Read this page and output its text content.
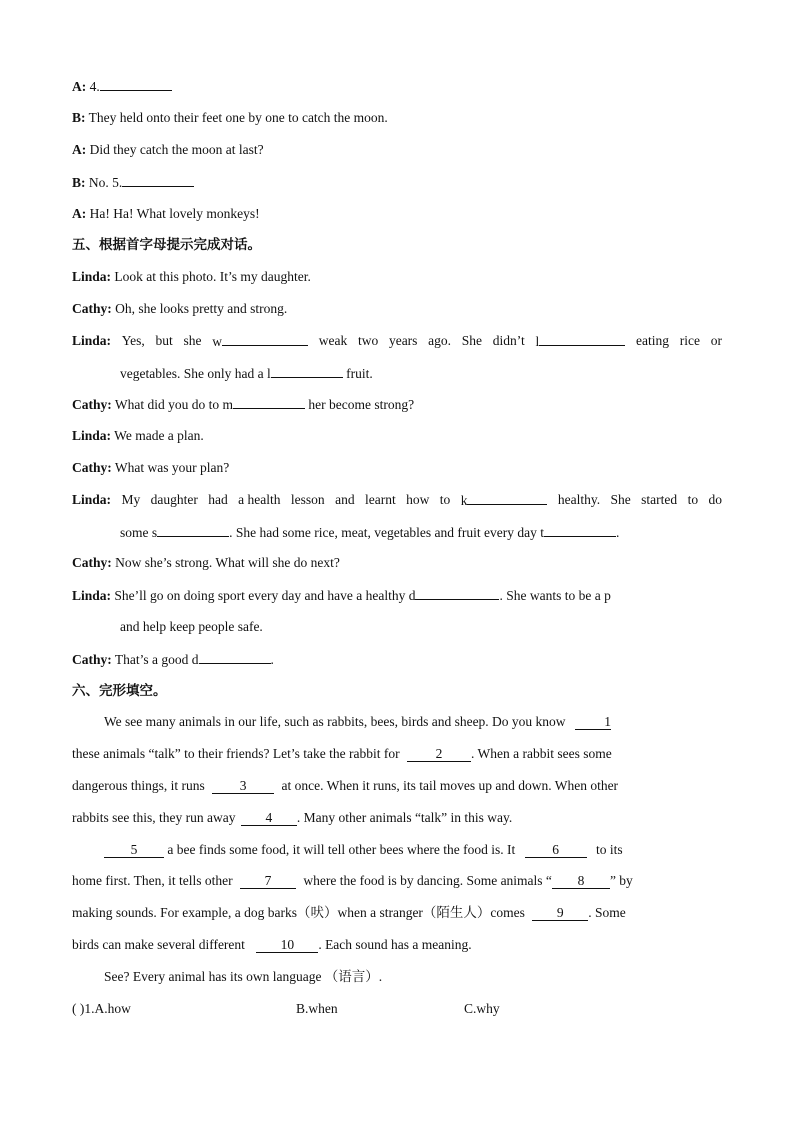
A: 4.
B: They held onto their feet one by one to catch the moon.
A: Did they catch the moon at last?
B: No. 5.
A: Ha! Ha! What lovely monkeys!
五、根据首字母提示完成对话。
Linda: Look at this photo. It’s my daughter.
Cathy: Oh, she looks pretty and strong.
Linda: Yes, but she w	weak two years ago. She didn’t l	eating rice or
vegetables. She only had a l	fruit.
Cathy: What did you do to m	her become strong?
Linda: We made a plan.
Cathy: What was your plan?
Linda: My daughter had a health lesson and learnt how to k	healthy. She started to do
some s	. She had some rice, meat, vegetables and fruit every day t	.
Cathy: Now she’s strong. What will she do next?
Linda: She’ll go on doing sport every day and have a healthy d	. She wants to be a p
and help keep people safe.
Cathy: That’s a good d	.
六、完形填空。
We see many animals in our life, such as rabbits, bees, birds and sheep. Do you know	1
these animals “talk” to their friends? Let’s take the rabbit for	2 . When a rabbit sees some
dangerous things, it runs	3	at once. When it runs, its tail moves up and down. When other
rabbits see this, they run away 4 . Many other animals “talk” in this way.
5 a bee finds some food, it will tell other bees where the food is. It	6	to its
home first. Then, it tells other 7 where the food is by dancing. Some animals “ 8 ” by
making sounds. For example, a dog barks（吠）when a stranger（陌生人）comes 9 . Some
birds can make several different	10 . Each sound has a meaning.
See? Every animal has its own language （语言）.
( )1.A.how	B.when	C.why
